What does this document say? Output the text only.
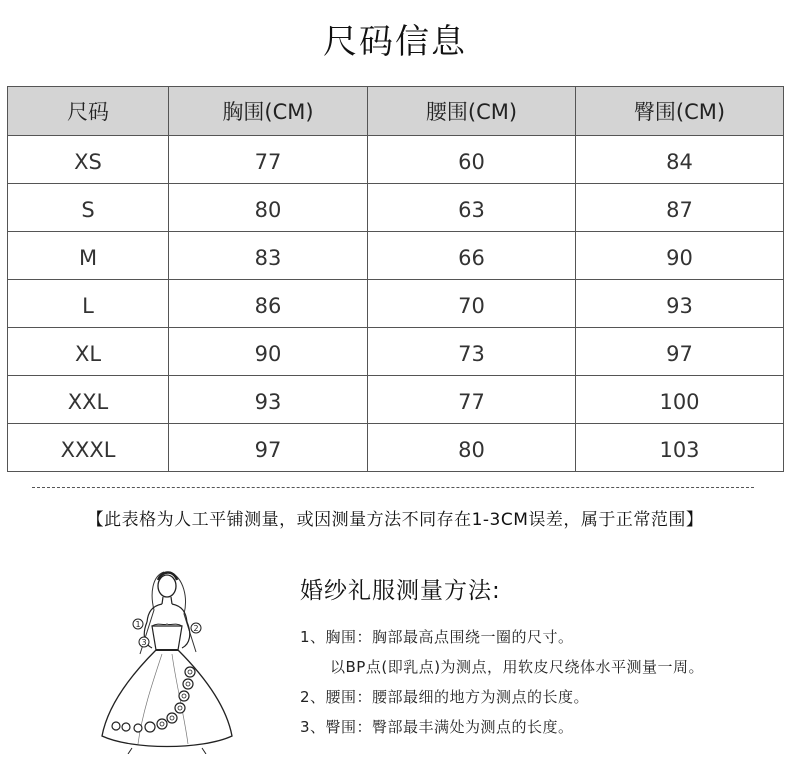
尺码信息
尺码	胸围(CM)	腰围(CM)	臀围(CM)
XS	77	60	84
S	80	63	87
M	83	66	90
L	86	70	93
XL	90	73	97
XXL	93	77	100
XXXL	97	80	103
【此表格为人工平铺测量，或因测量方法不同存在1-3CM误差，属于正常范围】
1	2
3
婚纱礼服测量方法:
1、胸围：胸部最高点围绕一圈的尺寸。
以BP点(即乳点)为测点，用软皮尺绕体水平测量一周。
2、腰围：腰部最细的地方为测点的长度。
3、臀围：臀部最丰满处为测点的长度。
